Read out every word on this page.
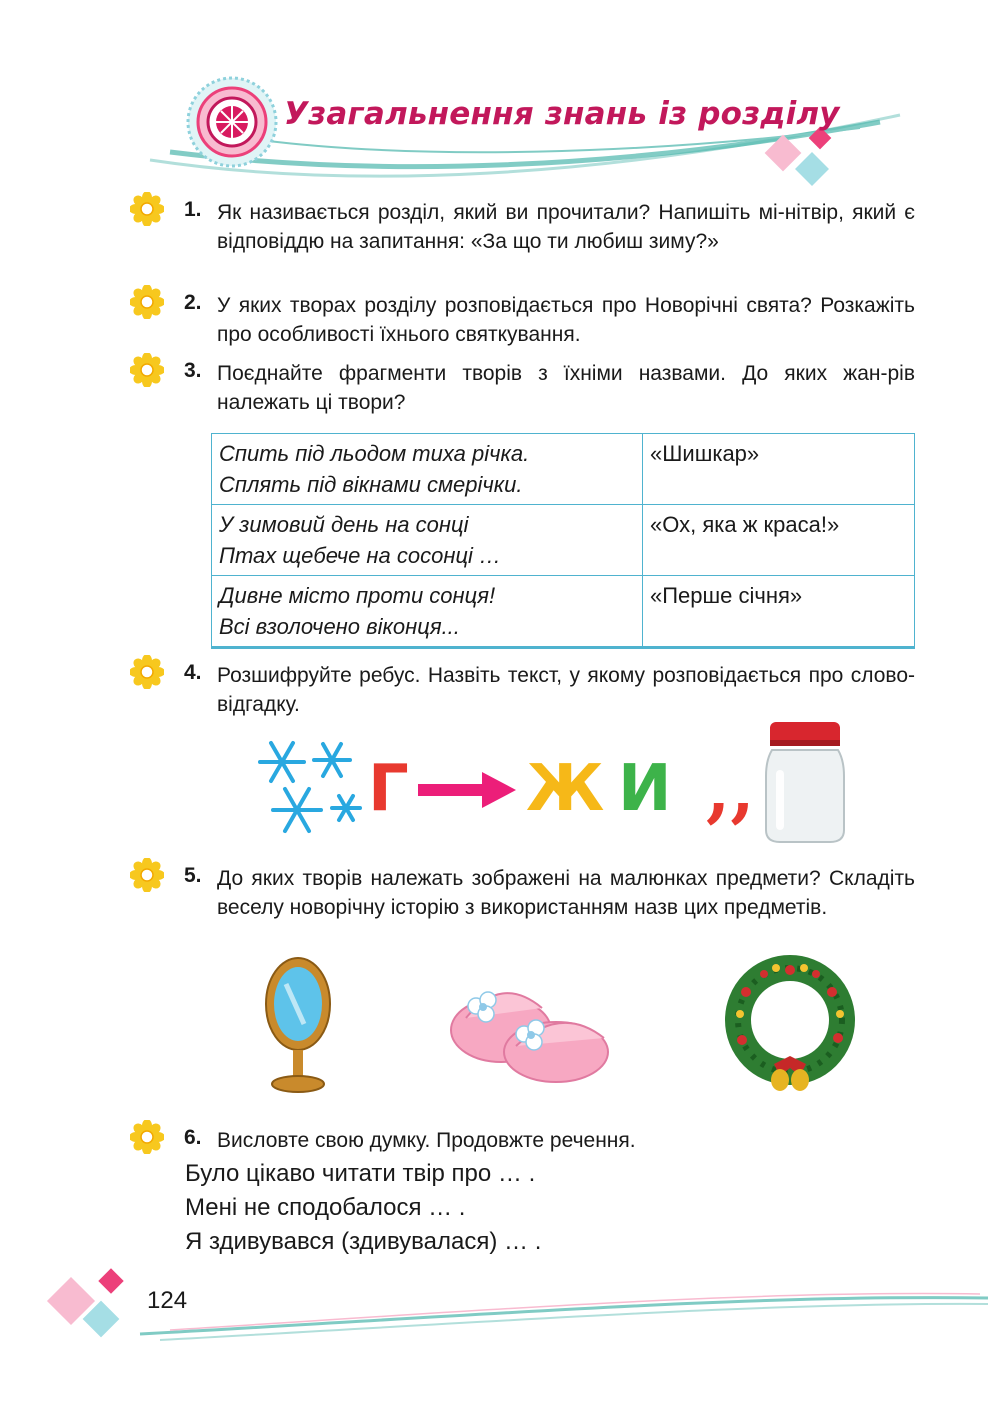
Узагальнення знань із розділу
1. Як називається розділ, який ви прочитали? Напишіть мі-нітвір, який є відповіддю на запитання: «За що ти любиш зиму?»
2. У яких творах розділу розповідається про Новорічні свята? Розкажіть про особливості їхнього святкування.
3. Поєднайте фрагменти творів з їхніми назвами. До яких жан-рів належать ці твори?
Спить під льодом тиха річка.
Сплять під вікнами смерічки.	«Шишкар»

У зимовий день на сонці
Птах щебече на сосонці …	«Ох, яка ж краса!»

Дивне місто проти сонця!
Всі взолочено віконця...	«Перше січня»
4. Розшифруйте ребус. Назвіть текст, у якому розповідається про слово-відгадку.
Г Ж И ,,
5. До яких творів належать зображені на малюнках предмети? Складіть веселу новорічну історію з використанням назв цих предметів.
6. Висловте свою думку. Продовжте речення.
Було цікаво читати твір про … .
Мені не сподобалося … .
Я здивувався (здивувалася) … .
124
